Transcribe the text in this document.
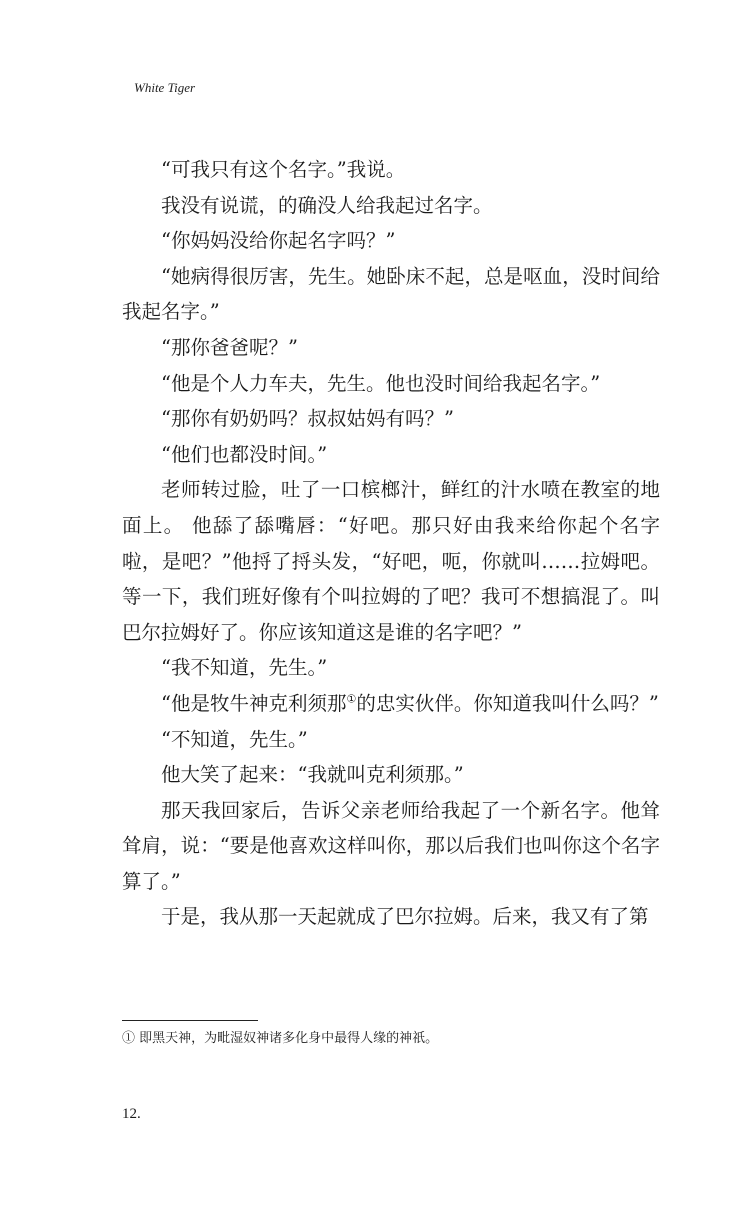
White Tiger

“可我只有这个名字。”我说。

我没有说谎，的确没人给我起过名字。

“你妈妈没给你起名字吗？”

“她病得很厉害，先生。她卧床不起，总是呕血，没时间给我起名字。”

“那你爸爸呢？”

“他是个人力车夫，先生。他也没时间给我起名字。”

“那你有奶奶吗？叔叔姑妈有吗？”

“他们也都没时间。”

老师转过脸，吐了一口槟榔汁，鲜红的汁水喷在教室的地面上。 他舔了舔嘴唇：“好吧。那只好由我来给你起个名字啦，是吧？”他捋了捋头发，“好吧，呃，你就叫……拉姆吧。等一下，我们班好像有个叫拉姆的了吧？我可不想搞混了。叫巴尔拉姆好了。你应该知道这是谁的名字吧？”

“我不知道，先生。”

“他是牧牛神克利须那①的忠实伙伴。你知道我叫什么吗？”

“不知道，先生。”

他大笑了起来：“我就叫克利须那。”

那天我回家后，告诉父亲老师给我起了一个新名字。他耸耸肩，说：“要是他喜欢这样叫你，那以后我们也叫你这个名字算了。”

于是，我从那一天起就成了巴尔拉姆。后来，我又有了第

① 即黑天神，为毗湿奴神诸多化身中最得人缘的神祇。
12.
